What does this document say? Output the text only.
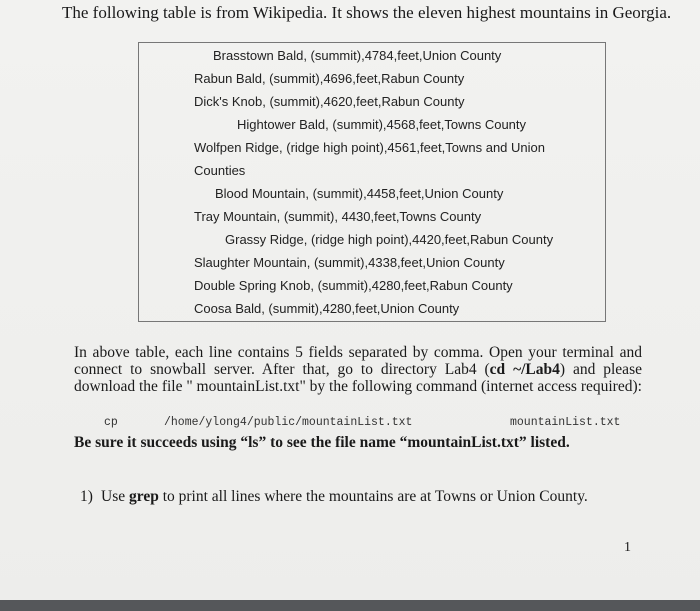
The following table is from Wikipedia. It shows the eleven highest mountains in Georgia.
Brasstown Bald, (summit),4784,feet,Union County
Rabun Bald, (summit),4696,feet,Rabun County
Dick's Knob, (summit),4620,feet,Rabun County
Hightower Bald, (summit),4568,feet,Towns County
Wolfpen Ridge, (ridge high point),4561,feet,Towns and Union
Counties
Blood Mountain, (summit),4458,feet,Union County
Tray Mountain, (summit), 4430,feet,Towns County
Grassy Ridge, (ridge high point),4420,feet,Rabun County
Slaughter Mountain, (summit),4338,feet,Union County
Double Spring Knob, (summit),4280,feet,Rabun County
Coosa Bald, (summit),4280,feet,Union County
In above table, each line contains 5 fields separated by comma. Open your terminal and connect to snowball server. After that, go to directory Lab4 (cd ~/Lab4) and please download the file " mountainList.txt" by the following command (internet access required):
cp	/home/ylong4/public/mountainList.txt	mountainList.txt
Be sure it succeeds using “ls” to see the file name “mountainList.txt” listed.
1) Use grep to print all lines where the mountains are at Towns or Union County.
1
